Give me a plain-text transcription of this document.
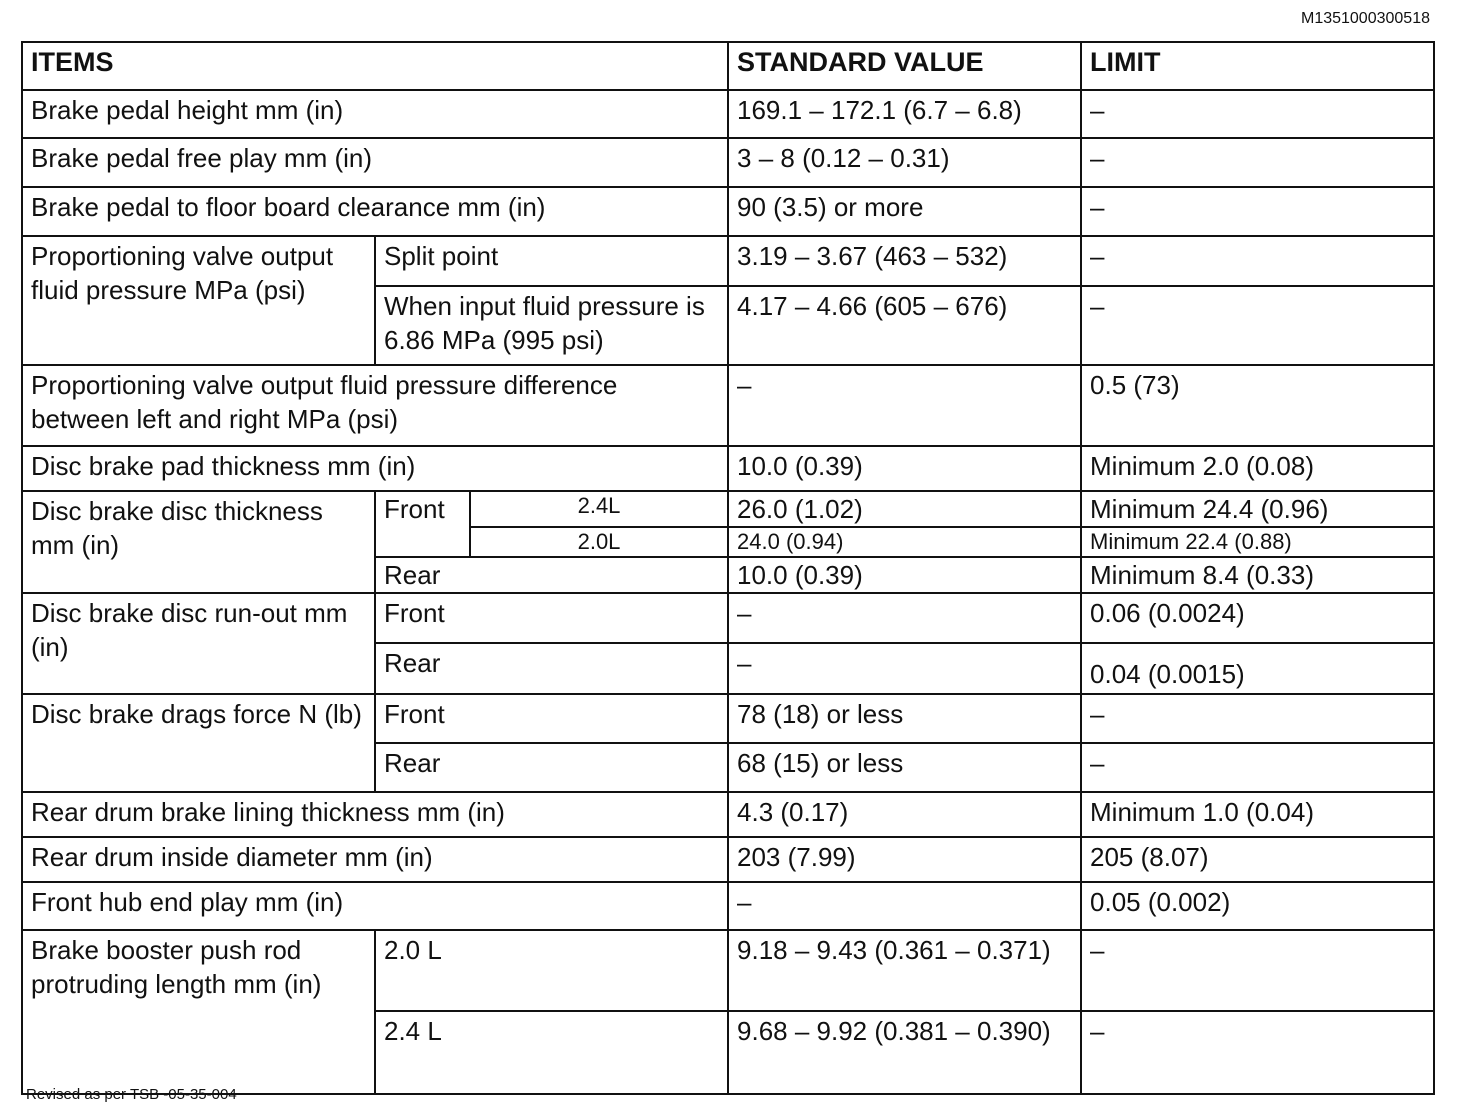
M1351000300518
ITEMS			STANDARD VALUE	LIMIT
Brake pedal height mm (in)			169.1 – 172.1 (6.7 – 6.8)	–
Brake pedal free play mm (in)			3 – 8 (0.12 – 0.31)	–
Brake pedal to floor board clearance mm (in)			90 (3.5) or more	–
Proportioning valve output fluid pressure MPa (psi)	Split point		3.19 – 3.67 (463 – 532)	–
	When input fluid pressure is 6.86 MPa (995 psi)		4.17 – 4.66 (605 – 676)	–
Proportioning valve output fluid pressure difference between left and right MPa (psi)			–	0.5 (73)
Disc brake pad thickness mm (in)			10.0 (0.39)	Minimum 2.0 (0.08)
Disc brake disc thickness mm (in)	Front	2.4L	26.0 (1.02)	Minimum 24.4 (0.96)
		2.0L	24.0 (0.94)	Minimum 22.4 (0.88)
	Rear		10.0 (0.39)	Minimum 8.4 (0.33)
Disc brake disc run-out mm (in)	Front		–	0.06 (0.0024)
	Rear		–	0.04 (0.0015)
Disc brake drags force N (lb)	Front		78 (18) or less	–
	Rear		68 (15) or less	–
Rear drum brake lining thickness mm (in)			4.3 (0.17)	Minimum 1.0 (0.04)
Rear drum inside diameter mm (in)			203 (7.99)	205 (8.07)
Front hub end play mm (in)			–	0.05 (0.002)
Brake booster push rod protruding length mm (in)	2.0 L		9.18 – 9.43 (0.361 – 0.371)	–
	2.4 L		9.68 – 9.92 (0.381 – 0.390)	–
Revised as per TSB -05-35-004
